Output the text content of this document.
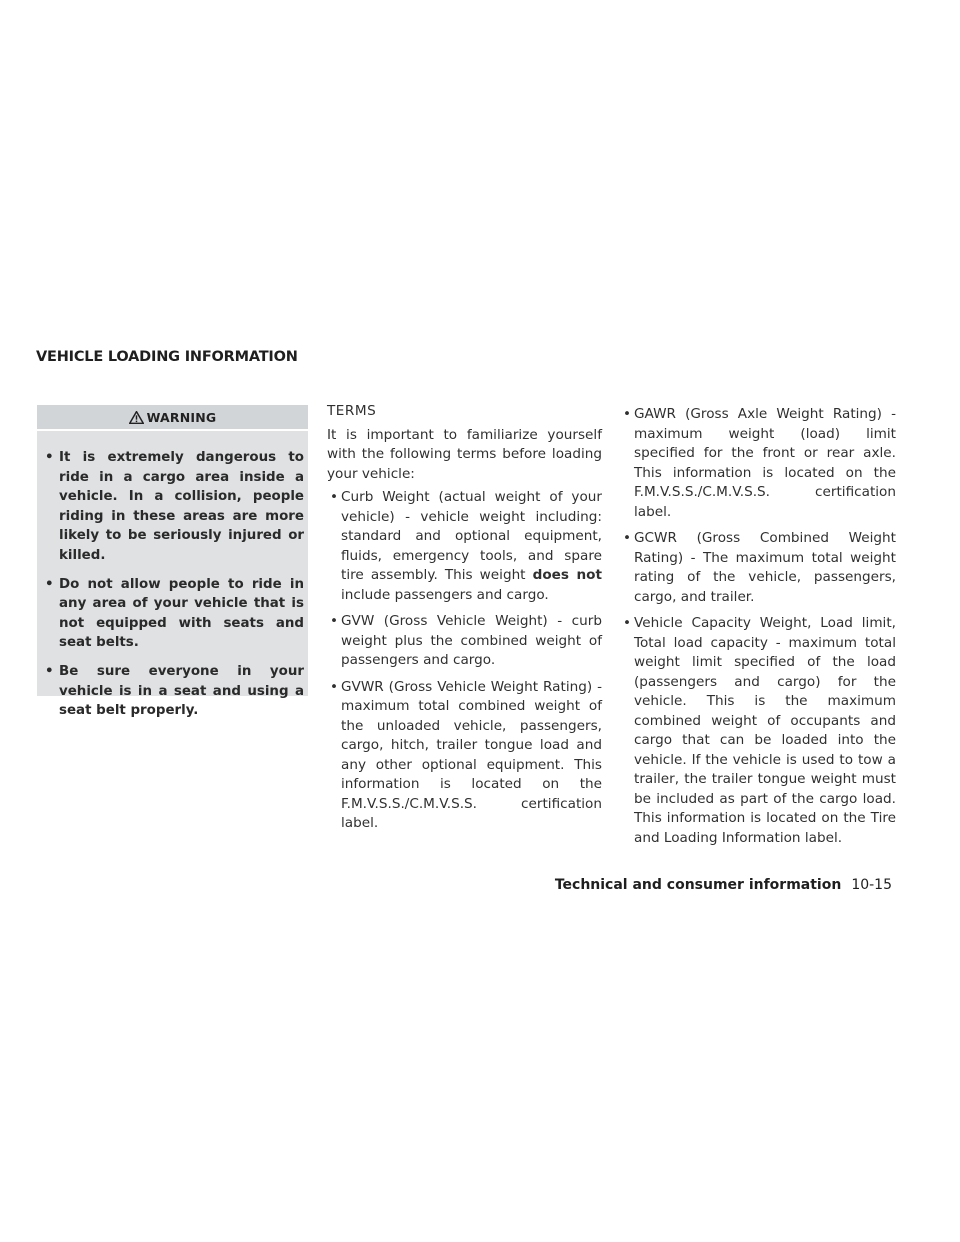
VEHICLE LOADING INFORMATION
WARNING
• It is extremely dangerous to ride in a cargo area inside a vehicle. In a collision, people riding in these areas are more likely to be seriously injured or killed.
• Do not allow people to ride in any area of your vehicle that is not equipped with seats and seat belts.
• Be sure everyone in your vehicle is in a seat and using a seat belt properly.
TERMS

It is important to familiarize yourself with the following terms before loading your vehicle:

• Curb Weight (actual weight of your vehicle) - vehicle weight including: standard and optional equipment, fluids, emergency tools, and spare tire assembly. This weight does not include passengers and cargo.
• GVW (Gross Vehicle Weight) - curb weight plus the combined weight of passengers and cargo.
• GVWR (Gross Vehicle Weight Rating) - maximum total combined weight of the unloaded vehicle, passengers, cargo, hitch, trailer tongue load and any other optional equipment. This information is located on the F.M.V.S.S./C.M.V.S.S. certification label.
• GAWR (Gross Axle Weight Rating) - maximum weight (load) limit specified for the front or rear axle. This information is located on the F.M.V.S.S./C.M.V.S.S. certification label.
• GCWR (Gross Combined Weight Rating) - The maximum total weight rating of the vehicle, passengers, cargo, and trailer.
• Vehicle Capacity Weight, Load limit, Total load capacity - maximum total weight limit specified of the load (passengers and cargo) for the vehicle. This is the maximum combined weight of occupants and cargo that can be loaded into the vehicle. If the vehicle is used to tow a trailer, the trailer tongue weight must be included as part of the cargo load. This information is located on the Tire and Loading Information label.
Technical and consumer information 10-15
